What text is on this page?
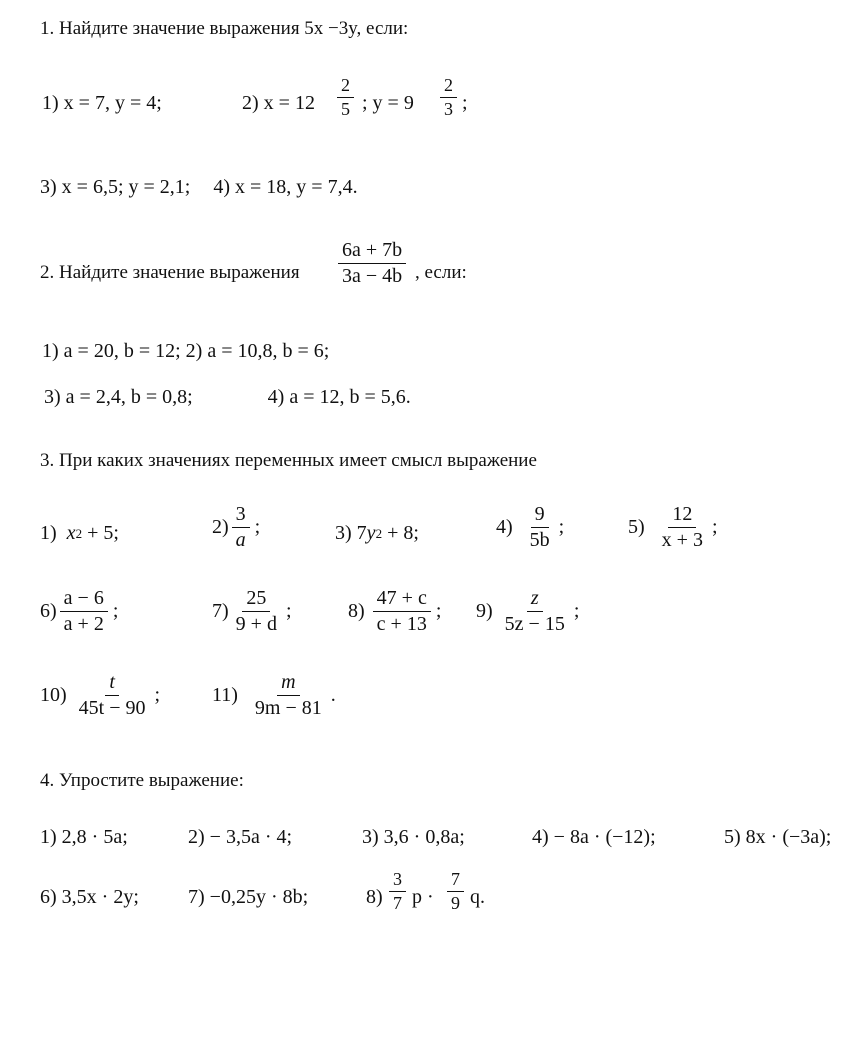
1. Найдите значение выражения 5x −3y, если:
1) x = 7, y = 4;	2) $x = 12 \frac{2}{5}$ ; $y = 9 \frac{2}{3}$ ;
3) x = 6,5; y = 2,1; 4) x = 18, y = 7,4.
2. Найдите значение выражения $\frac{6a + 7b}{3a - 4b}$ , если:
1) a = 20, b = 12; 2) a = 10,8, b = 6;
3) a = 2,4, b = 0,8;	4) a = 12, b = 5,6.
3. При каких значениях переменных имеет смысл выражение
1)
x 2 + 5;	$2) \frac{3}{a}$ ;	3) 7 y 2 + 8;	4)
$\frac{9}{5b}$ ;	5)
$\frac{12}{x + 3}$ ;
$6) \frac{a - 6}{a + 2}$ ;	$7) \frac{25}{9 + d}$ ;	8)
$\frac{47 + c}{c + 13}$ ; 9)
$\frac{z}{5z - 15}$ ;
10)
$\frac{t}{45t - 90}$ ;	11)
$\frac{m}{9m - 81}$ .
4. Упростите выражение:
1) 2,8 · 5a;	2) − 3,5a · 4;	3) 3,6 · 0,8a;	4) − 8a · (−12);	5) 8x · (−3a);
6) 3,5x · 2y; 7) −0,25y · 8b;	$8) \frac{3}{7}$ $p \cdot \frac{7}{9} q$.
